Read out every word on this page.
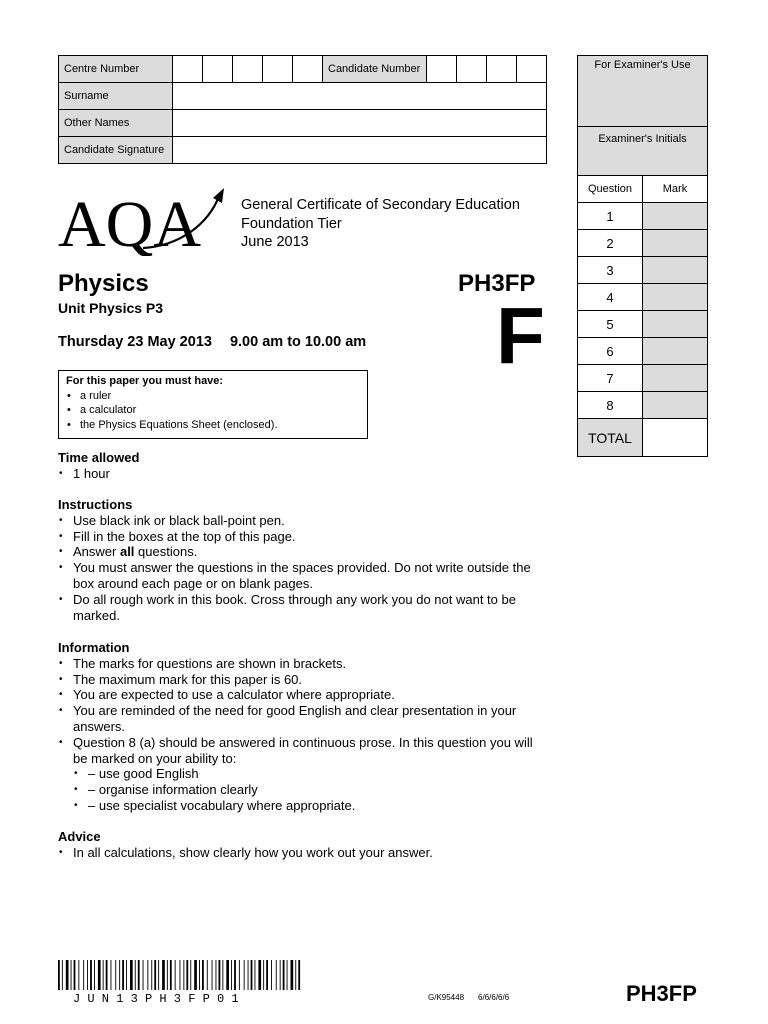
Centre Number						Candidate Number				
Surname										
Other Names										
Candidate Signature										
For Examiner's Use	
Examiner's Initials	
Question	Mark
1	
2	
3	
4	
5	
6	
7	
8	
TOTAL	
AQA	General Certificate of Secondary Education
Foundation Tier
June 2013
Physics	PH3FP
Unit Physics P3	F
Thursday 23 May 2013 9.00 am to 10.00 am
For this paper you must have:
• a ruler
• a calculator
• the Physics Equations Sheet (enclosed).
Time allowed
• 1 hour
Instructions
• Use black ink or black ball-point pen.
• Fill in the boxes at the top of this page.
• Answer all questions.
• You must answer the questions in the spaces provided. Do not write outside the box around each page or on blank pages.
• Do all rough work in this book. Cross through any work you do not want to be marked.
Information
• The marks for questions are shown in brackets.
• The maximum mark for this paper is 60.
• You are expected to use a calculator where appropriate.
• You are reminded of the need for good English and clear presentation in your answers.
• Question 8 (a) should be answered in continuous prose. In this question you will be marked on your ability to:
• – use good English
• – organise information clearly
• – use specialist vocabulary where appropriate.
Advice
• In all calculations, show clearly how you work out your answer.
JUN13PH3FP01	G/K95448 6/6/6/6/6	PH3FP
